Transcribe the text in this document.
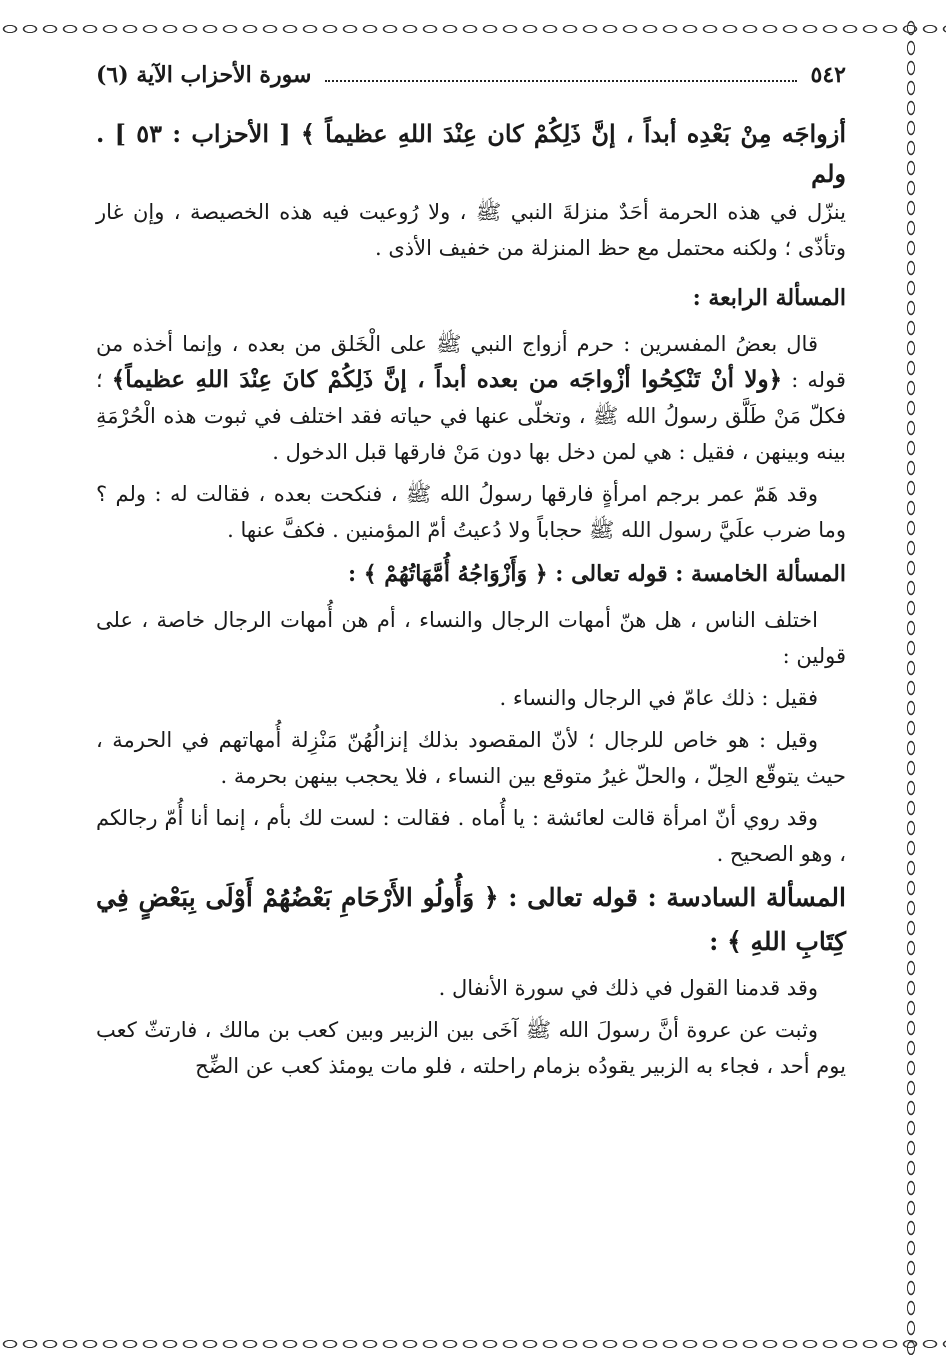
٥٤٢
سورة الأحزاب الآية (٦)

أزواجَه مِنْ بَعْدِه أبداً ، إنَّ ذَلِكُمْ كان عِنْدَ اللهِ عظيماً ﴾ [ الأحزاب : ٥٣ ] . ولم

ينزّل في هذه الحرمة أحَدٌ منزلةَ النبي ﷺ ، ولا رُوعيت فيه هذه الخصيصة ، وإن غار وتأذّى ؛ ولكنه محتمل مع حظ المنزلة من خفيف الأذى .

المسألة الرابعة :

قال بعضُ المفسرين : حرم أزواج النبي ﷺ على الْخَلق من بعده ، وإنما أخذه من قوله : ﴿ولا أنْ تَنْكِحُوا أزْواجَه من بعده أبداً ، إنَّ ذَلِكُمْ كانَ عِنْدَ اللهِ عظيماً﴾ ؛ فكلّ مَنْ طَلَّق رسولُ الله ﷺ ، وتخلّى عنها في حياته فقد اختلف في ثبوت هذه الْحُرْمَةِ بينه وبينهن ، فقيل : هي لمن دخل بها دون مَنْ فارقها قبل الدخول .

وقد هَمّ عمر برجم امرأةٍ فارقها رسولُ الله ﷺ ، فنكحت بعده ، فقالت له : ولم ؟ وما ضرب علَيَّ رسول الله ﷺ حجاباً ولا دُعيتُ أمّ المؤمنين . فكفَّ عنها .

المسألة الخامسة : قوله تعالى : ﴿ وَأَزْوَاجُهُ أُمَّهَاتُهُمْ ﴾ :

اختلف الناس ، هل هنّ أمهات الرجال والنساء ، أم هن أُمهات الرجال خاصة ، على قولين :

فقيل : ذلك عامّ في الرجال والنساء .

وقيل : هو خاص للرجال ؛ لأنّ المقصود بذلك إنزالُهُنّ مَنْزِلة أُمهاتهم في الحرمة ، حيث يتوقّع الحِلّ ، والحلّ غيرُ متوقع بين النساء ، فلا يحجب بينهن بحرمة .

وقد روي أنّ امرأة قالت لعائشة : يا أُماه . فقالت : لست لك بأم ، إنما أنا أُمّ رجالكم ، وهو الصحيح .

المسألة السادسة : قوله تعالى : ﴿ وَأُولُو الأَرْحَامِ بَعْضُهُمْ أَوْلَى بِبَعْضٍ فِي كِتَابِ اللهِ ﴾ :

وقد قدمنا القول في ذلك في سورة الأنفال .

وثبت عن عروة أنَّ رسولَ الله ﷺ آخَى بين الزبير وبين كعب بن مالك ، فارتثّ كعب يوم أحد ، فجاء به الزبير يقودُه بزمام راحلته ، فلو مات يومئذ كعب عن الضِّح
